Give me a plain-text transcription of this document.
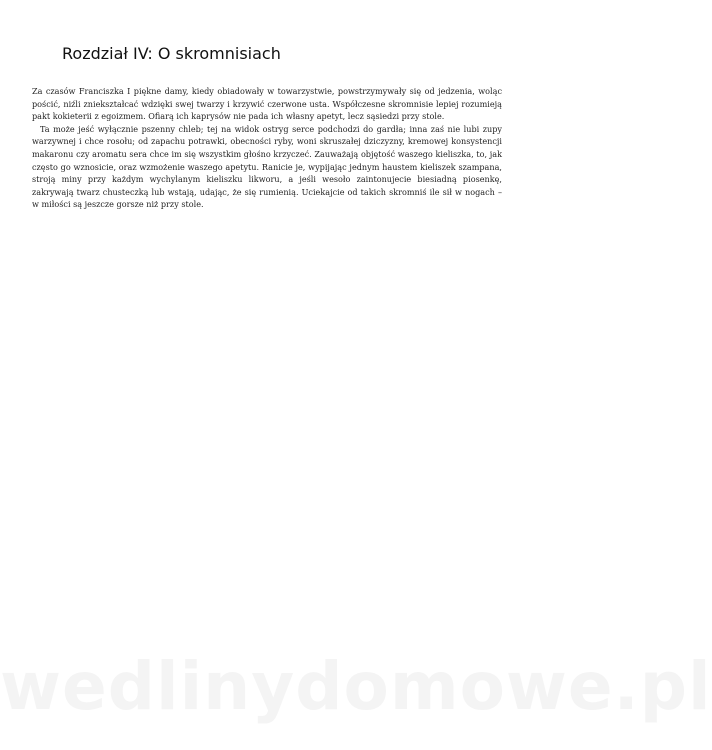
Rozdział IV: O skromnisiach

Za czasów Franciszka I piękne damy, kiedy obiadowały w towarzystwie, powstrzymywały się od jedzenia, woląc pościć, niźli zniekształcać wdzięki swej twarzy i krzywić czerwone usta. Współczesne skromnisie lepiej rozumieją pakt kokieterii z egoizmem. Ofiarą ich kaprysów nie pada ich własny apetyt, lecz sąsiedzi przy stole.

Ta może jeść wyłącznie pszenny chleb; tej na widok ostryg serce podchodzi do gardła; inna zaś nie lubi zupy warzywnej i chce rosołu; od zapachu potrawki, obecności ryby, woni skruszałej dziczyzny, kremowej konsystencji makaronu czy aromatu sera chce im się wszystkim głośno krzyczeć. Zauważają objętość waszego kieliszka, to, jak często go wznosicie, oraz wzmożenie waszego apetytu. Ranicie je, wypijając jednym haustem kieliszek szampana, stroją miny przy każdym wychylanym kieliszku likworu, a jeśli wesoło zaintonujecie biesiadną piosenkę, zakrywają twarz chusteczką lub wstają, udając, że się rumienią. Uciekajcie od takich skromniś ile sił w nogach – w miłości są jeszcze gorsze niż przy stole.

wedlinydomowe.pl
